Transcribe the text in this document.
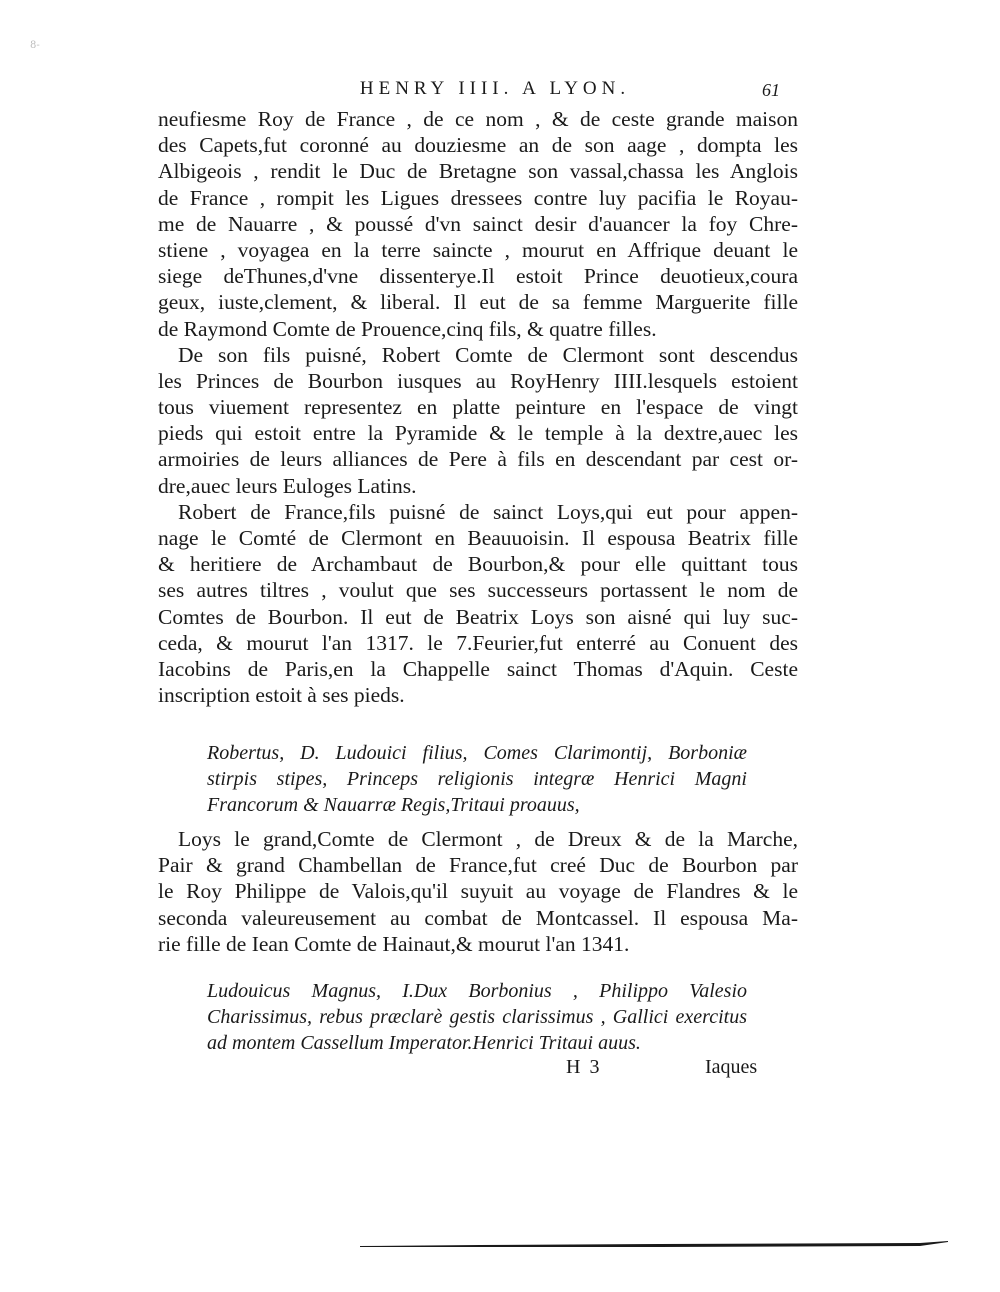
8-
HENRY IIII. A LYON.	61
neufiesme Roy de France , de ce nom , & de ceste grande maison
des Capets,fut coronné au douziesme an de son aage , dompta les
Albigeois , rendit le Duc de Bretagne son vassal,chassa les Anglois
de France , rompit les Ligues dressees contre luy pacifia le Royau-
me de Nauarre , & poussé d'vn sainct desir d'auancer la foy Chre-
stiene , voyagea en la terre saincte , mourut en Affrique deuant le
siege deThunes,d'vne dissenterye.Il estoit Prince deuotieux,coura
geux, iuste,clement, & liberal. Il eut de sa femme Marguerite fille
de Raymond Comte de Prouence,cinq fils, & quatre filles.
De son fils puisné, Robert Comte de Clermont sont descendus
les Princes de Bourbon iusques au RoyHenry IIII.lesquels estoient
tous viuement representez en platte peinture en l'espace de vingt
pieds qui estoit entre la Pyramide & le temple à la dextre,auec les
armoiries de leurs alliances de Pere à fils en descendant par cest or-
dre,auec leurs Euloges Latins.
Robert de France,fils puisné de sainct Loys,qui eut pour appen-
nage le Comté de Clermont en Beauuoisin. Il espousa Beatrix fille
& heritiere de Archambaut de Bourbon,& pour elle quittant tous
ses autres tiltres , voulut que ses successeurs portassent le nom de
Comtes de Bourbon. Il eut de Beatrix Loys son aisné qui luy suc-
ceda, & mourut l'an 1317. le 7.Feurier,fut enterré au Conuent des
Iacobins de Paris,en la Chappelle sainct Thomas d'Aquin. Ceste
inscription estoit à ses pieds.
Robertus, D. Ludouici filius, Comes Clarimontij, Borboniæ
stirpis stipes, Princeps religionis integræ Henrici Magni
Francorum & Nauarræ Regis,Tritaui proauus,
Loys le grand,Comte de Clermont , de Dreux & de la Marche,
Pair & grand Chambellan de France,fut creé Duc de Bourbon par
le Roy Philippe de Valois,qu'il suyuit au voyage de Flandres & le
seconda valeureusement au combat de Montcassel. Il espousa Ma-
rie fille de Iean Comte de Hainaut,& mourut l'an 1341.
Ludouicus Magnus, I.Dux Borbonius , Philippo Valesio
Charissimus, rebus præclarè gestis clarissimus , Gallici exercitus
ad montem Cassellum Imperator.Henrici Tritaui auus.
H 3	Iaques
